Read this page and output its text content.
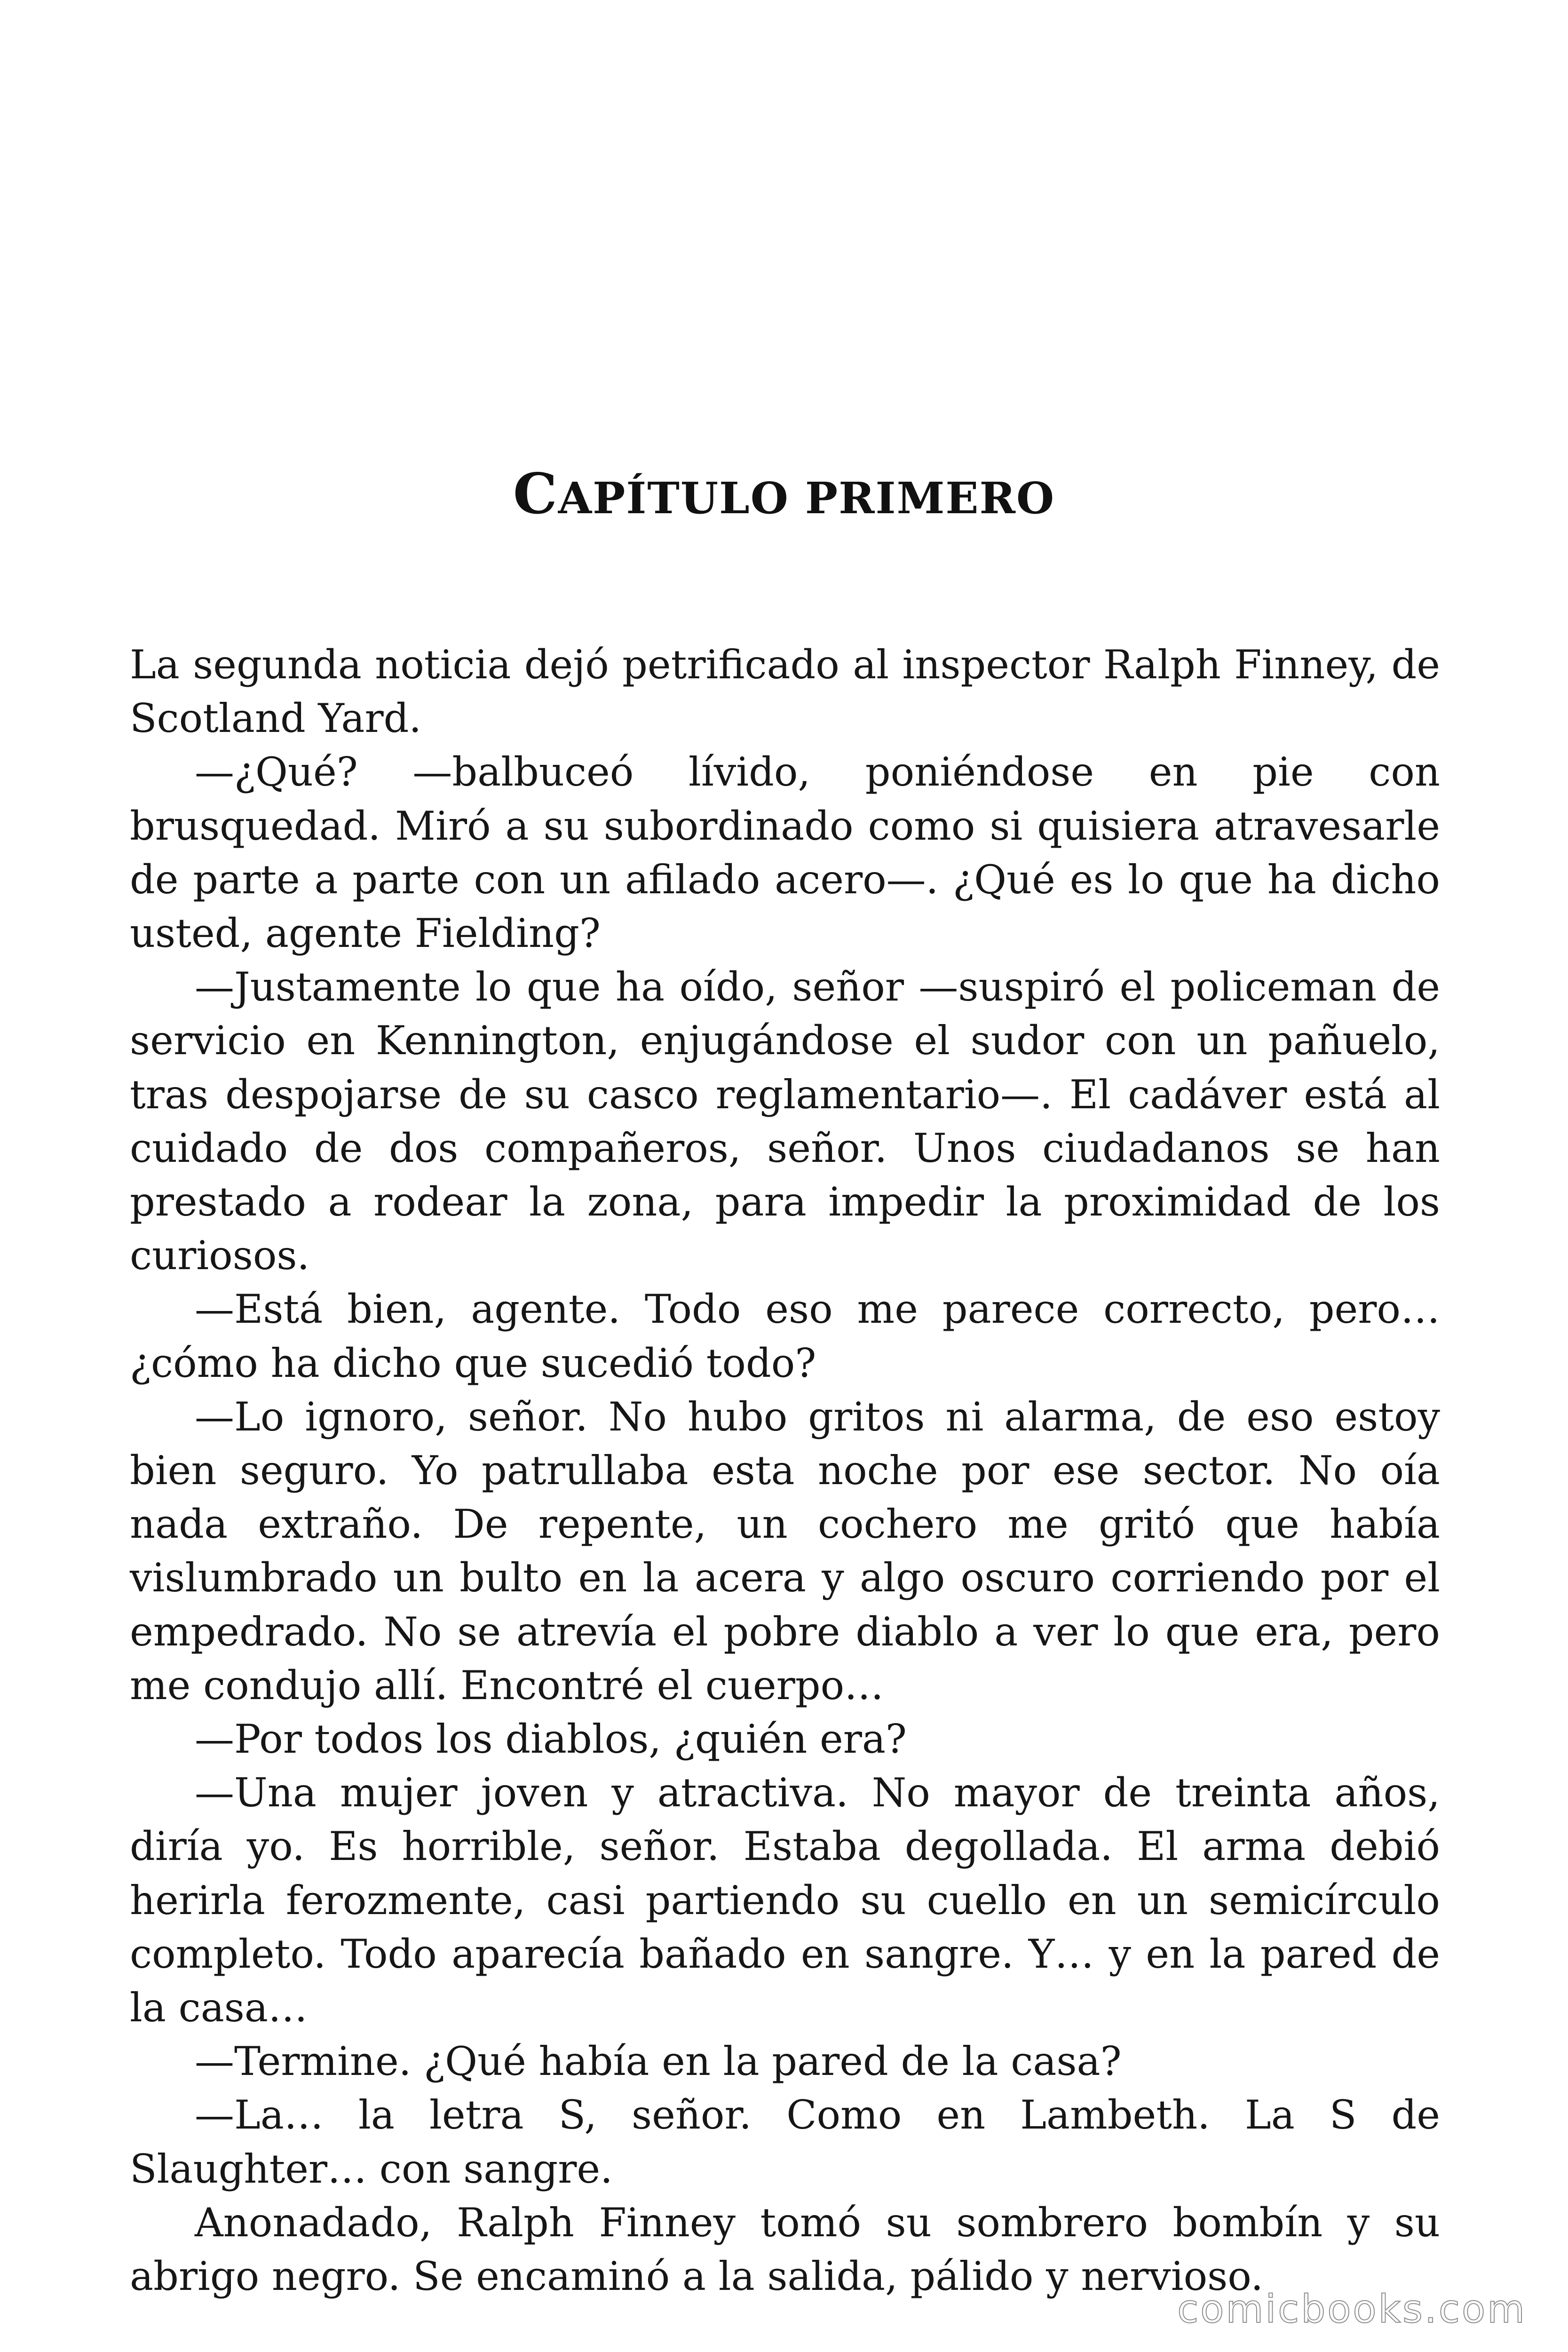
CAPÍTULO PRIMERO

La segunda noticia dejó petrificado al inspector Ralph Finney, de Scotland Yard.

—¿Qué? —balbuceó lívido, poniéndose en pie con brusquedad. Miró a su subordinado como si quisiera atravesarle de parte a parte con un afilado acero—. ¿Qué es lo que ha dicho usted, agente Fielding?

—Justamente lo que ha oído, señor —suspiró el policeman de servicio en Kennington, enjugándose el sudor con un pañuelo, tras despojarse de su casco reglamentario—. El cadáver está al cuidado de dos compañeros, señor. Unos ciudadanos se han prestado a rodear la zona, para impedir la proximidad de los curiosos.

—Está bien, agente. Todo eso me parece correcto, pero… ¿cómo ha dicho que sucedió todo?

—Lo ignoro, señor. No hubo gritos ni alarma, de eso estoy bien seguro. Yo patrullaba esta noche por ese sector. No oía nada extraño. De repente, un cochero me gritó que había vislumbrado un bulto en la acera y algo oscuro corriendo por el empedrado. No se atrevía el pobre diablo a ver lo que era, pero me condujo allí. Encontré el cuerpo…

—Por todos los diablos, ¿quién era?

—Una mujer joven y atractiva. No mayor de treinta años, diría yo. Es horrible, señor. Estaba degollada. El arma debió herirla ferozmente, casi partiendo su cuello en un semicírculo completo. Todo aparecía bañado en sangre. Y… y en la pared de la casa…

—Termine. ¿Qué había en la pared de la casa?

—La… la letra S, señor. Como en Lambeth. La S de Slaughter… con sangre.

Anonadado, Ralph Finney tomó su sombrero bombín y su abrigo negro. Se encaminó a la salida, pálido y nervioso.

comicbooks.com
